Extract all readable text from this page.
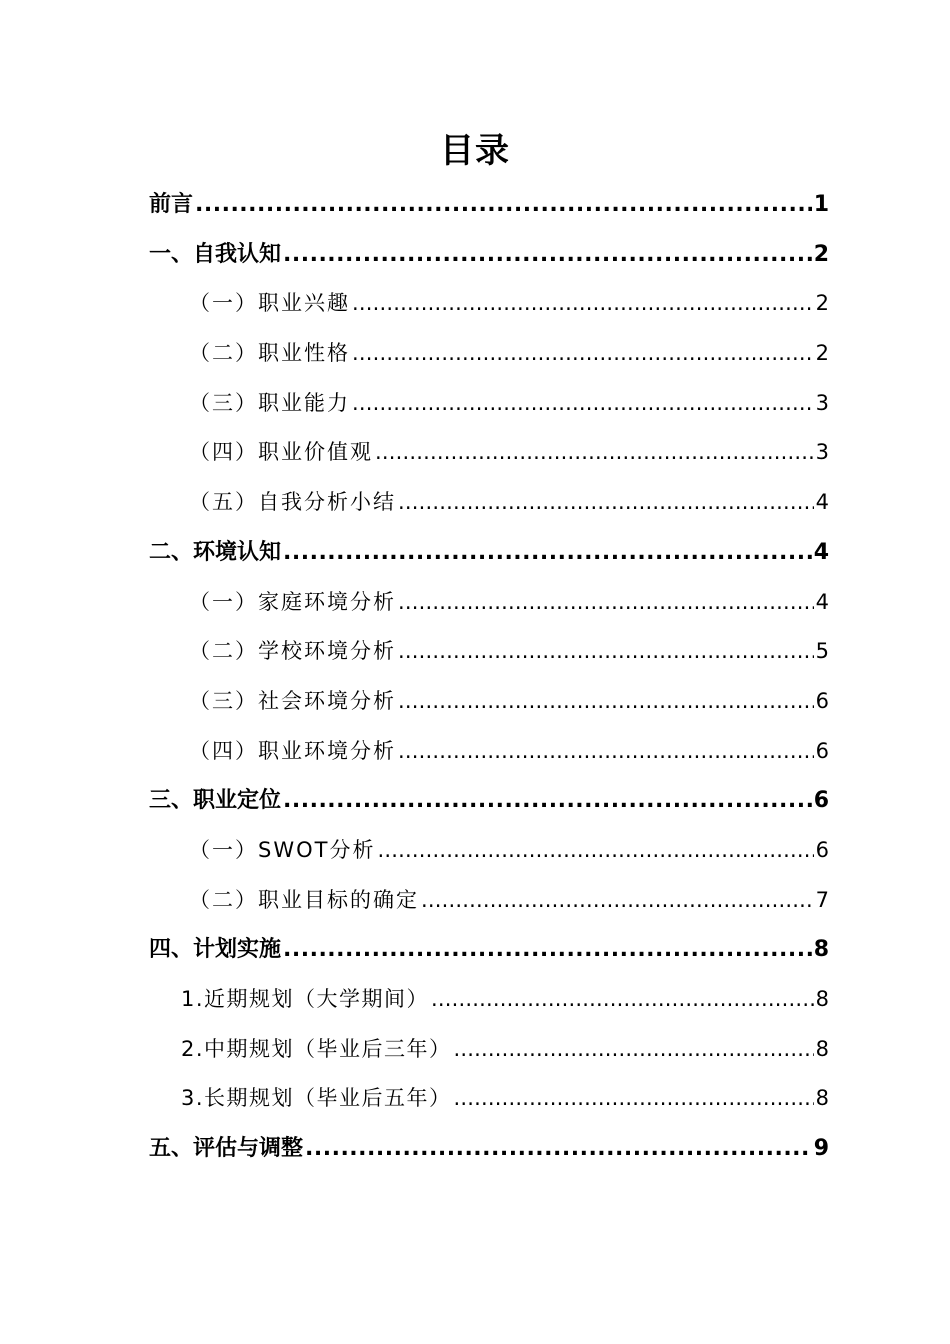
目录
前言 .....	1
一、自我认知 .....	2
（一）职业兴趣 .....	2
（二）职业性格 .....	2
（三）职业能力 .....	3
（四）职业价值观 .....	3
（五）自我分析小结 .....	4
二、环境认知 .....	4
（一）家庭环境分析 .....	4
（二）学校环境分析 .....	5
（三）社会环境分析 .....	6
（四）职业环境分析 .....	6
三、职业定位 .....	6
（一）SWOT分析 .....	6
（二）职业目标的确定 .....	7
四、计划实施 .....	8
1.近期规划（大学期间） .....	8
2.中期规划（毕业后三年） .....	8
3.长期规划（毕业后五年） .....	8
五、评估与调整 .....	9
